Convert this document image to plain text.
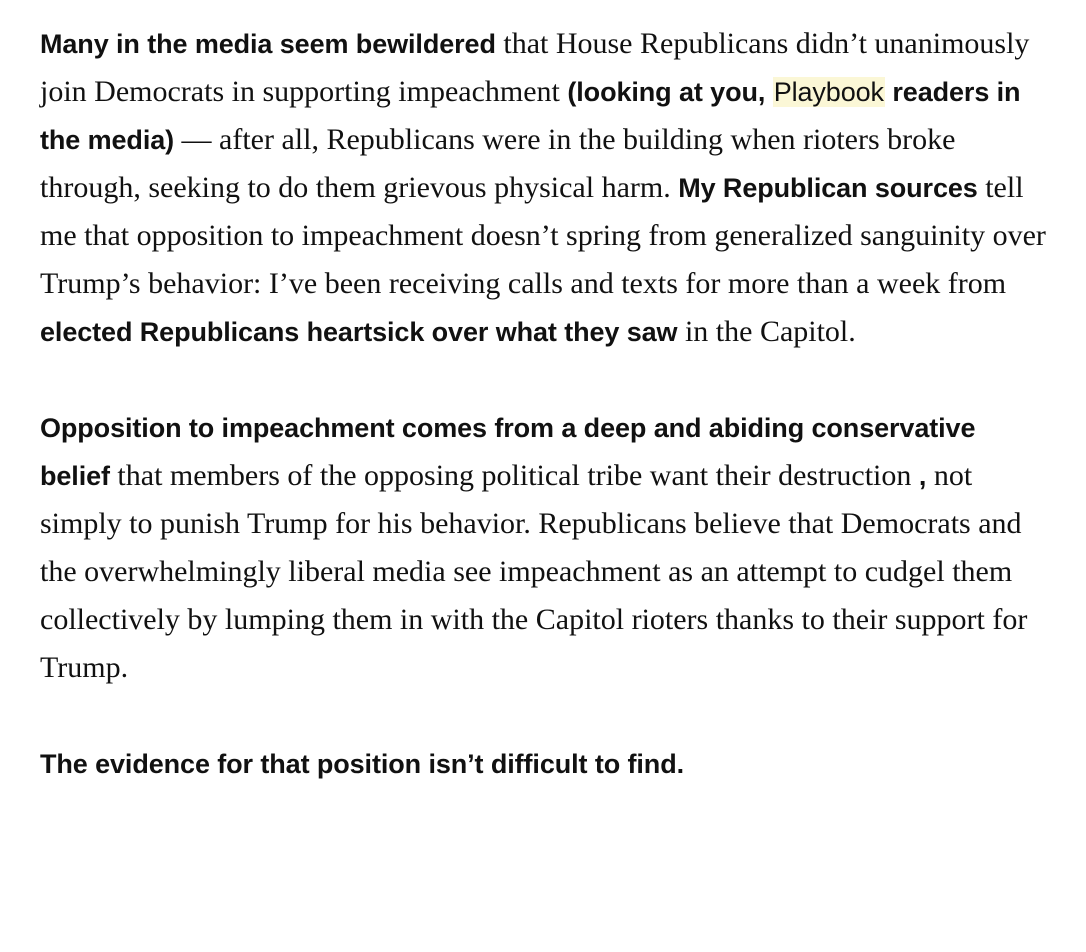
Many in the media seem bewildered that House Republicans didn’t unanimously join Democrats in supporting impeachment (looking at you, Playbook readers in the media) — after all, Republicans were in the building when rioters broke through, seeking to do them grievous physical harm. My Republican sources tell me that opposition to impeachment doesn’t spring from generalized sanguinity over Trump’s behavior: I’ve been receiving calls and texts for more than a week from elected Republicans heartsick over what they saw in the Capitol.

Opposition to impeachment comes from a deep and abiding conservative belief that members of the opposing political tribe want their destruction , not simply to punish Trump for his behavior. Republicans believe that Democrats and the overwhelmingly liberal media see impeachment as an attempt to cudgel them collectively by lumping them in with the Capitol rioters thanks to their support for Trump.

The evidence for that position isn’t difficult to find.
